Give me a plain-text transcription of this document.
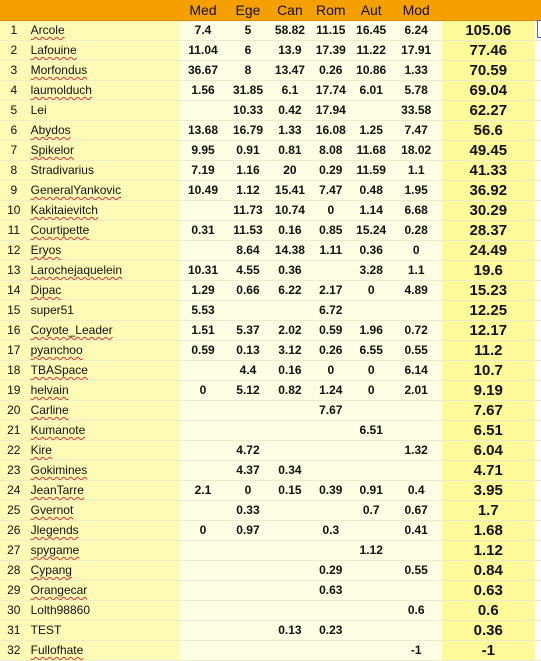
		Med	Ege	Can	Rom	Aut	Mod		
1	Arcole	7.4	5	58.82	11.15	16.45	6.24	105.06	
2	Lafouine	11.04	6	13.9	17.39	11.22	17.91	77.46	
3	Morfondus	36.67	8	13.47	0.26	10.86	1.33	70.59	
4	laumolduch	1.56	31.85	6.1	17.74	6.01	5.78	69.04	
5	Lei		10.33	0.42	17.94		33.58	62.27	
6	Abydos	13.68	16.79	1.33	16.08	1.25	7.47	56.6	
7	Spikelor	9.95	0.91	0.81	8.08	11.68	18.02	49.45	
8	Stradivarius	7.19	1.16	20	0.29	11.59	1.1	41.33	
9	GeneralYankovic	10.49	1.12	15.41	7.47	0.48	1.95	36.92	
10	Kakitaievitch		11.73	10.74	0	1.14	6.68	30.29	
11	Courtipette	0.31	11.53	0.16	0.85	15.24	0.28	28.37	
12	Eryos		8.64	14.38	1.11	0.36	0	24.49	
13	Larochejaquelein	10.31	4.55	0.36		3.28	1.1	19.6	
14	Dipac	1.29	0.66	6.22	2.17	0	4.89	15.23	
15	super51	5.53			6.72			12.25	
16	Coyote_Leader	1.51	5.37	2.02	0.59	1.96	0.72	12.17	
17	pyanchoo	0.59	0.13	3.12	0.26	6.55	0.55	11.2	
18	TBASpace		4.4	0.16	0	0	6.14	10.7	
19	helvain	0	5.12	0.82	1.24	0	2.01	9.19	
20	Carline				7.67			7.67	
21	Kumanote					6.51		6.51	
22	Kire		4.72				1.32	6.04	
23	Gokimines		4.37	0.34				4.71	
24	JeanTarre	2.1	0	0.15	0.39	0.91	0.4	3.95	
25	Gvernot		0.33			0.7	0.67	1.7	
26	Jlegends	0	0.97		0.3		0.41	1.68	
27	spygame					1.12		1.12	
28	Cypang				0.29		0.55	0.84	
29	Orangecar				0.63			0.63	
30	Lolth98860						0.6	0.6	
31	TEST			0.13	0.23			0.36	
32	Fullofhate						-1	-1	
